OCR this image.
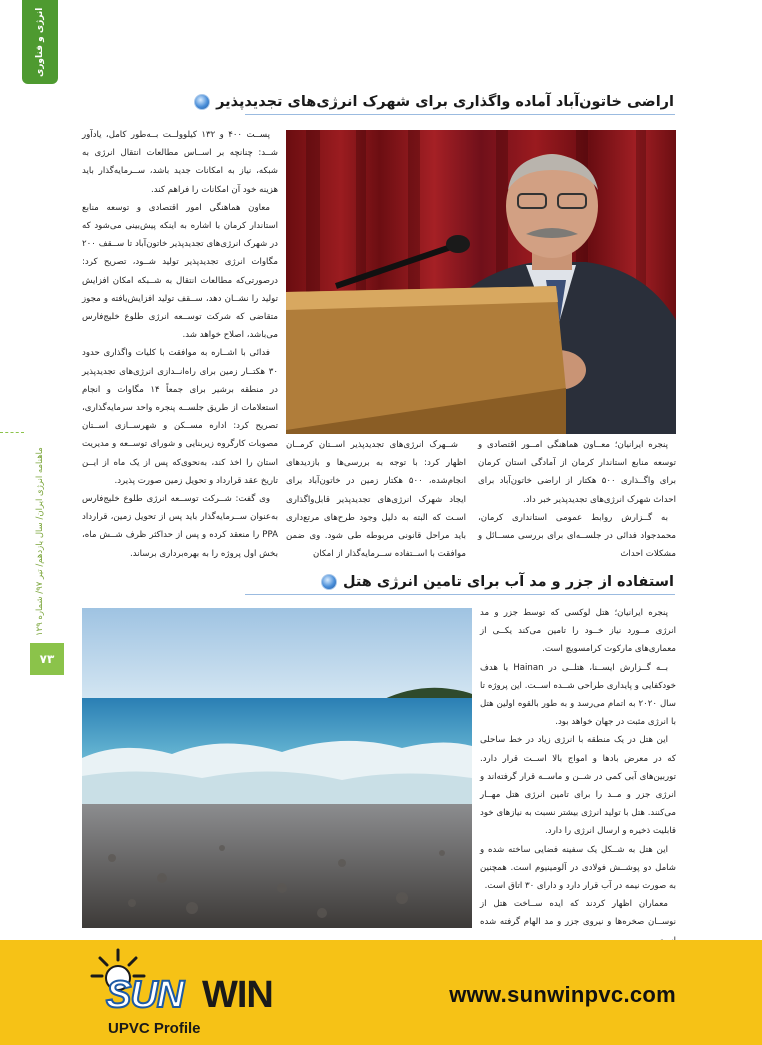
انرژی و فناوری
ماهنامه انرژی ایران/ سال یازدهم/ تیر ۹۷/ شماره ۱۲۹
۷۳
اراضی خاتون‌آباد آماده واگذاری برای شهرک انرژی‌های تجدیدپذیر

پنجره ایرانیان؛ معــاون هماهنگی امــور اقتصادی و توسعه منابع استاندار کرمان از آمادگی استان کرمان برای واگــذاری ۵۰۰ هکتار از اراضی خاتون‌آباد برای احداث شهرک انرژی‌های تجدیدپذیر خبر داد.

به گــزارش روابط عمومی استانداری کرمان، محمدجواد فدائی در جلســه‌ای برای بررسی مســائل و مشکلات احداث

شــهرک انرژی‌های تجدیدپذیر اســتان کرمــان اظهار کرد: با توجه به بررسی‌ها و بازدیدهای انجام‌شده، ۵۰۰ هکتار زمین در خاتون‌آباد برای ایجاد شهرک انرژی‌های تجدیدپذیر قابل‌واگذاری اسـت که البته به دلیل وجود طرح‌های مرتع‌داری باید مراحل قانونی مربوطه طی شود. وی ضمن موافقت با اســتفاده ســرمایه‌گذار از امکان

پســت ۴۰۰ و ۱۳۲ کیلوولــت بــه‌طور کامل، یادآور شــد: چنانچه بر اســاس مطالعات انتقال انرژی به شبکه، نیاز به امکانات جدید باشد، ســرمایه‌گذار باید هزینه خود آن امکانات را فراهم کند.

معاون هماهنگی امور اقتصادی و توسعه منابع استاندار کرمان با اشاره به اینکه پیش‌بینی می‌شود که در شهرک انرژی‌های تجدیدپذیر خاتون‌آباد تا ســقف ۲۰۰ مگاوات انرژی تجدیدپذیر تولید شــود، تصریح کرد: درصورتی‌که مطالعات انتقال به شــبکه امکان افزایش تولید را نشــان دهد، ســقف تولید افزایش‌یافته و مجوز متقاضی که شرکت توســعه انرژی طلوع خلیج‌فارس می‌باشد، اصلاح خواهد شد.

فدائی با اشــاره به موافقت با کلیات واگذاری حدود ۳۰ هکتــار زمین برای راه‌انــدازی انرژی‌های تجدیدپذیر در منطقه برشیر برای جمعاً ۱۴ مگاوات و انجام استعلامات از طریق جلســه پنجره واحد سرمایه‌گذاری، تصریح کرد: اداره مســکن و شهرســازی اســتان مصوبات کارگروه زیربنایی و شورای توســعه و مدیریت استان را اخذ کند، به‌نحوی‌که پس از یک ماه از ایــن تاریخ عقد قرارداد و تحویل زمین صورت پذیرد.

وی گفت: شــرکت توســعه انرژی طلوع خلیج‌فارس به‌عنوان ســرمایه‌گذار باید پس از تحویل زمین، قرارداد PPA را منعقد کرده و پس از حداکثر ظرف شــش ماه، بخش اول پروژه را به بهره‌برداری برساند.

استفاده از جزر و مد آب برای تامین انرژی هتل

پنجره ایرانیان؛ هتل لوکسی که توسط جزر و مد انرژی مــورد نیاز خــود را تامین می‌کند یکــی از معماری‌های مارکوت کرامسویچ است.

بــه گــزارش ایســنا، هتلــی در Hainan با هدف خودکفایی و پایداری طراحی شــده اســت. این پروژه تا سال ۲۰۲۰ به اتمام می‌رسد و به طور بالقوه اولین هتل با انرژی مثبت در جهان خواهد بود.

این هتل در یک منطقه با انرژی زیاد در خط ساحلی که در معرض بادها و امواج بالا اســت قرار دارد. توربین‌های آبی کمی در شــن و ماســه قرار گرفته‌اند و انرژی جزر و مــد را برای تامین انرژی هتل مهــار می‌کنند. هتل با تولید انرژی بیشتر نسبت به نیازهای خود قابلیت ذخیره و ارسال انرژی را دارد.

این هتل به شــکل یک سفینه فضایی ساخته شده و شامل دو پوشــش فولادی در آلومینیوم است. همچنین به صورت نیمه در آب قرار دارد و دارای ۳۰ اتاق است.

معماران اظهار کردند که ایده ســاخت هتل از نوســان صخره‌ها و نیروی جزر و مد الهام گرفته شده

SUN WIN
UPVC Profile
www.sunwinpvc.com
